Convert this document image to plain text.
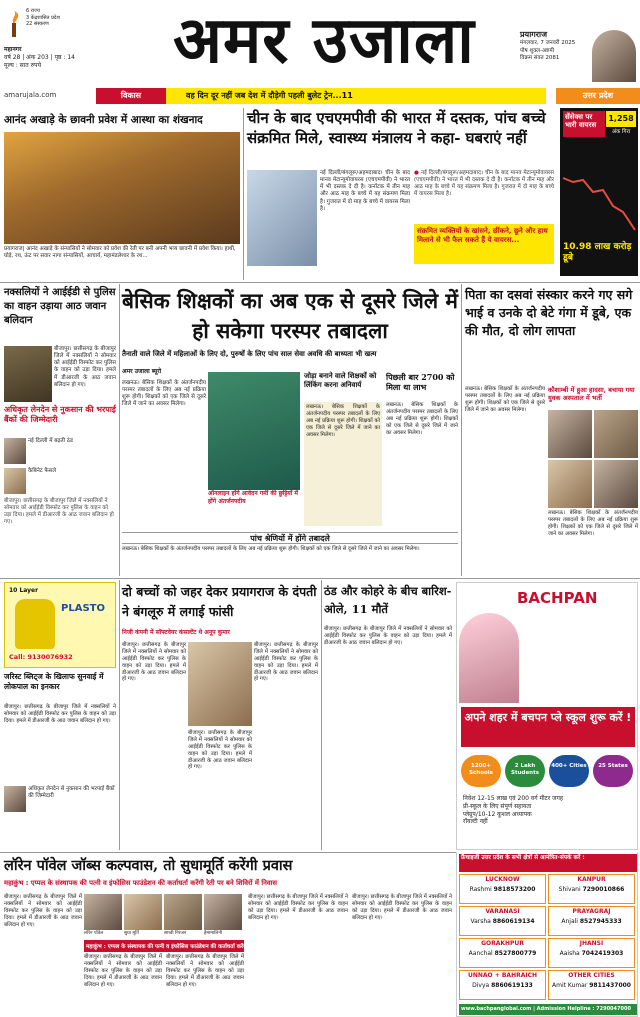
6 राज्य
3 केंद्रशासित प्रदेश
22 संस्करण
महानगर
वर्ष 28 | अंक 203 | पृष्ठ : 14
मूल्य : सात रुपये	अमर उजाला	प्रयागराज
मंगलवार, 7 जनवरी 2025
पौष शुक्ल-अष्टमी
विक्रम संवत 2081
amarujala.com	विकास	वह दिन दूर नहीं जब देश में दौड़ेगी पहली बुलेट ट्रेन...11	उत्तर प्रदेश
आनंद अखाड़े के छावनी प्रवेश में आस्था का शंखनाद
प्रयागराज| आनंद अखाड़े के संन्यासियों ने सोमवार को प्रवेश की रेती पर बनी अपनी भव्य छावनी में प्रवेश किया। हाथी, घोड़े, रथ, ऊंट पर सवार नागा संन्यासियों, आचार्य, महामंडलेश्वर के रथ...
चीन के बाद एचएमपीवी की भारत में दस्तक, पांच बच्चे संक्रमित मिले, स्वास्थ्य मंत्रालय ने कहा- घबराएं नहीं
नई दिल्ली/बंगलूरू/अहमदाबाद। चीन के बाद मानव मेटान्यूमोवायरस (एचएमपीवी) ने भारत में भी दस्तक दे दी है। कर्नाटक में तीन माह और आठ माह के बच्चे में यह संक्रमण मिला है। गुजरात में दो माह के बच्चे में वायरस मिला है।
● नई दिल्ली/बंगलूरू/अहमदाबाद। चीन के बाद मानव मेटान्यूमोवायरस (एचएमपीवी) ने भारत में भी दस्तक दे दी है। कर्नाटक में तीन माह और आठ माह के बच्चे में यह संक्रमण मिला है। गुजरात में दो माह के बच्चे में वायरस मिला है।
संक्रमित व्यक्तियों के खांसने, छींकने, छूने और हाथ मिलाने से भी फैल सकते हैं ये वायरस...
सेंसेक्स पर भारी वायरस
1,258
अंक गिरा
10.98 लाख करोड़ डूबे
नक्सलियों ने आईईडी से पुलिस का वाहन उड़ाया आठ जवान बलिदान
बीजापुर। छत्तीसगढ़ के बीजापुर जिले में नक्सलियों ने सोमवार को आईईडी विस्फोट कर पुलिस के वाहन को उड़ा दिया। हमले में डीआरजी के आठ जवान बलिदान हो गए।
अधिकृत लेनदेन से नुकसान की भरपाई बैंकों की जिम्मेदारी
नई दिल्ली में बढ़ती ठंड
कैबिनेट फैसले
बीजापुर। छत्तीसगढ़ के बीजापुर जिले में नक्सलियों ने सोमवार को आईईडी विस्फोट कर पुलिस के वाहन को उड़ा दिया। हमले में डीआरजी के आठ जवान बलिदान हो गए।
बेसिक शिक्षकों का अब एक से दूसरे जिले में हो सकेगा परस्पर तबादला
तैनाती वाले जिले में महिलाओं के लिए दो, पुरुषों के लिए पांच साल सेवा अवधि की बाध्यता भी खत्म
अमर उजाला ब्यूरो
लखनऊ। बेसिक शिक्षकों के अंतर्जनपदीय परस्पर तबादलों के लिए अब नई प्रक्रिया शुरू होगी। शिक्षकों को एक जिले से दूसरे जिले में जाने का अवसर मिलेगा।
ऑनलाइन होंगे आवेदन गर्मी की छुट्टियों में होंगे अंतर्जनपदीय
जोड़ा बनाने वाले शिक्षकों को लिंकिंग करना अनिवार्य
लखनऊ। बेसिक शिक्षकों के अंतर्जनपदीय परस्पर तबादलों के लिए अब नई प्रक्रिया शुरू होगी। शिक्षकों को एक जिले से दूसरे जिले में जाने का अवसर मिलेगा।
पिछली बार 2700 को मिला था लाभ
लखनऊ। बेसिक शिक्षकों के अंतर्जनपदीय परस्पर तबादलों के लिए अब नई प्रक्रिया शुरू होगी। शिक्षकों को एक जिले से दूसरे जिले में जाने का अवसर मिलेगा।
पांच श्रेणियों में होंगे तबादले
लखनऊ। बेसिक शिक्षकों के अंतर्जनपदीय परस्पर तबादलों के लिए अब नई प्रक्रिया शुरू होगी। शिक्षकों को एक जिले से दूसरे जिले में जाने का अवसर मिलेगा।
पिता का दसवां संस्कार करने गए सगे भाई व उनके दो बेटे गंगा में डूबे, एक की मौत, दो लोग लापता
लखनऊ। बेसिक शिक्षकों के अंतर्जनपदीय परस्पर तबादलों के लिए अब नई प्रक्रिया शुरू होगी। शिक्षकों को एक जिले से दूसरे जिले में जाने का अवसर मिलेगा।
कौशाम्बी में हुआ हादसा, बचाया गया युवक अस्पताल में भर्ती
लखनऊ। बेसिक शिक्षकों के अंतर्जनपदीय परस्पर तबादलों के लिए अब नई प्रक्रिया शुरू होगी। शिक्षकों को एक जिले से दूसरे जिले में जाने का अवसर मिलेगा।
10 Layer
PLASTO
Call: 9130076932
जरिस्ट ब्लिट्ज के खिलाफ सुनवाई में लोकपाल का इनकार
बीजापुर। छत्तीसगढ़ के बीजापुर जिले में नक्सलियों ने सोमवार को आईईडी विस्फोट कर पुलिस के वाहन को उड़ा दिया। हमले में डीआरजी के आठ जवान बलिदान हो गए।
अधिकृत लेनदेन से नुकसान की भरपाई बैंकों की जिम्मेदारी
दो बच्चों को जहर देकर प्रयागराज के दंपती ने बंगलूरु में लगाई फांसी
निजी कंपनी में सॉफ्टवेयर कंसल्टेंट थे अनूप कुमार
बीजापुर। छत्तीसगढ़ के बीजापुर जिले में नक्सलियों ने सोमवार को आईईडी विस्फोट कर पुलिस के वाहन को उड़ा दिया। हमले में डीआरजी के आठ जवान बलिदान हो गए।
बीजापुर। छत्तीसगढ़ के बीजापुर जिले में नक्सलियों ने सोमवार को आईईडी विस्फोट कर पुलिस के वाहन को उड़ा दिया। हमले में डीआरजी के आठ जवान बलिदान हो गए।
बीजापुर। छत्तीसगढ़ के बीजापुर जिले में नक्सलियों ने सोमवार को आईईडी विस्फोट कर पुलिस के वाहन को उड़ा दिया। हमले में डीआरजी के आठ जवान बलिदान हो गए।
ठंड और कोहरे के बीच बारिश-ओले, 11 मौतें
बीजापुर। छत्तीसगढ़ के बीजापुर जिले में नक्सलियों ने सोमवार को आईईडी विस्फोट कर पुलिस के वाहन को उड़ा दिया। हमले में डीआरजी के आठ जवान बलिदान हो गए।
BACHPAN
अपने शहर में बचपन प्ले स्कूल शुरू करें !
1200+ Schools
2 Lakh Students
400+ Cities	25 States
निवेश 12-15 लाख एवं 200 वर्ग मीटर जगह
प्री-स्कूल के लिए संपूर्ण सहायता
प्लेग्रुप/10-12 कुशल अध्यापक
रॉयल्टी नहीं
लॉरेन पॉवेल जॉब्स कल्पवास, तो सुधामूर्ति करेंगी प्रवास
महाकुंभ : एप्पल के संस्थापक की पत्नी व इंफोसिस फाउंडेशन की कर्ताधर्ता करेंगी रेती पर बने शिविरों में निवास
बीजापुर। छत्तीसगढ़ के बीजापुर जिले में नक्सलियों ने सोमवार को आईईडी विस्फोट कर पुलिस के वाहन को उड़ा दिया। हमले में डीआरजी के आठ जवान बलिदान हो गए।
लॉरेन पॉवेल	सुधा मूर्ति	साध्वी निरंजन	हेमामालिनी
महाकुंभ : एप्पल के संस्थापक की पत्नी व इंफोसिस फाउंडेशन की कर्ताधर्ता करेंगी रेती पर बने शिविरों में निवास
बीजापुर। छत्तीसगढ़ के बीजापुर जिले में नक्सलियों ने सोमवार को आईईडी विस्फोट कर पुलिस के वाहन को उड़ा दिया। हमले में डीआरजी के आठ जवान बलिदान हो गए।
बीजापुर। छत्तीसगढ़ के बीजापुर जिले में नक्सलियों ने सोमवार को आईईडी विस्फोट कर पुलिस के वाहन को उड़ा दिया। हमले में डीआरजी के आठ जवान बलिदान हो गए।
बीजापुर। छत्तीसगढ़ के बीजापुर जिले में नक्सलियों ने सोमवार को आईईडी विस्फोट कर पुलिस के वाहन को उड़ा दिया। हमले में डीआरजी के आठ जवान बलिदान हो गए।
बीजापुर। छत्तीसगढ़ के बीजापुर जिले में नक्सलियों ने सोमवार को आईईडी विस्फोट कर पुलिस के वाहन को उड़ा दिया। हमले में डीआरजी के आठ जवान बलिदान हो गए।
फ्रैंचाइजी उत्तर प्रदेश के सभी क्षेत्रों से आमंत्रित-संपर्क करें :
LUCKNOW
Rashmi 9818573200
KANPUR
Shivani 7290010866
VARANASI
Varsha 8860619134
PRAYAGRAJ
Anjali 8527945333
GORAKHPUR
Aanchal 8527800779
JHANSI
Aaisha 7042419303
UNNAO + BAHRAICH
Divya 8860619133
OTHER CITIES
Amit Kumar 9811437000
www.bachpanglobal.com | Admission Helpline : 7290047000
